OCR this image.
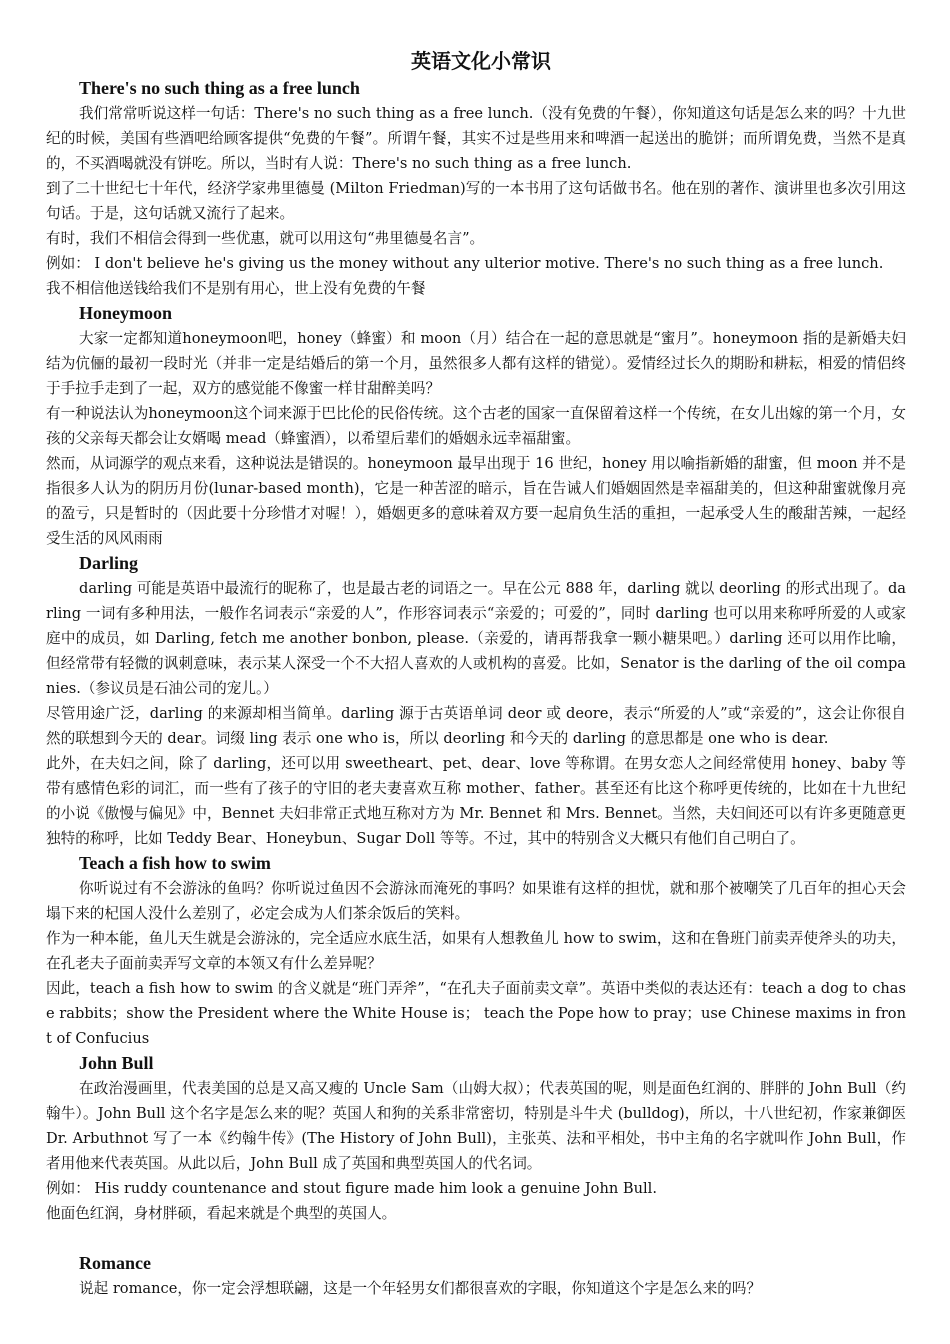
英语文化小常识
There's no such thing as a free lunch

我们常常听说这样一句话：There's no such thing as a free lunch.（没有免费的午餐），你知道这句话是怎么来的吗？十九世纪的时候，美国有些酒吧给顾客提供“免费的午餐”。所谓午餐，其实不过是些用来和啤酒一起送出的脆饼；而所谓免费，当然不是真的，不买酒喝就没有饼吃。所以，当时有人说：There's no such thing as a free lunch.

到了二十世纪七十年代，经济学家弗里德曼 (Milton Friedman)写的一本书用了这句话做书名。他在别的著作、演讲里也多次引用这句话。于是，这句话就又流行了起来。

有时，我们不相信会得到一些优惠，就可以用这句“弗里德曼名言”。

例如： I don't believe he's giving us the money without any ulterior motive. There's no such thing as a free lunch.

我不相信他送钱给我们不是别有用心，世上没有免费的午餐

Honeymoon

大家一定都知道honeymoon吧，honey（蜂蜜）和 moon（月）结合在一起的意思就是“蜜月”。honeymoon 指的是新婚夫妇结为伉俪的最初一段时光（并非一定是结婚后的第一个月，虽然很多人都有这样的错觉）。爱情经过长久的期盼和耕耘，相爱的情侣终于手拉手走到了一起，双方的感觉能不像蜜一样甘甜醉美吗？

有一种说法认为honeymoon这个词来源于巴比伦的民俗传统。这个古老的国家一直保留着这样一个传统，在女儿出嫁的第一个月，女孩的父亲每天都会让女婿喝 mead（蜂蜜酒），以希望后辈们的婚姻永远幸福甜蜜。

然而，从词源学的观点来看，这种说法是错误的。honeymoon 最早出现于 16 世纪，honey 用以喻指新婚的甜蜜，但 moon 并不是指很多人认为的阴历月份(lunar-based month)，它是一种苦涩的暗示，旨在告诫人们婚姻固然是幸福甜美的，但这种甜蜜就像月亮的盈亏，只是暂时的（因此要十分珍惜才对喔！），婚姻更多的意味着双方要一起肩负生活的重担，一起承受人生的酸甜苦辣，一起经受生活的风风雨雨

Darling

darling 可能是英语中最流行的昵称了，也是最古老的词语之一。早在公元 888 年，darling 就以 deorling 的形式出现了。darling 一词有多种用法，一般作名词表示“亲爱的人”，作形容词表示“亲爱的；可爱的”，同时 darling 也可以用来称呼所爱的人或家庭中的成员，如 Darling, fetch me another bonbon, please.（亲爱的，请再帮我拿一颗小糖果吧。）darling 还可以用作比喻，但经常带有轻微的讽刺意味，表示某人深受一个不大招人喜欢的人或机构的喜爱。比如，Senator is the darling of the oil companies.（参议员是石油公司的宠儿。）

尽管用途广泛，darling 的来源却相当简单。darling 源于古英语单词 deor 或 deore，表示“所爱的人”或“亲爱的”，这会让你很自然的联想到今天的 dear。词缀 ling 表示 one who is，所以 deorling 和今天的 darling 的意思都是 one who is dear.

此外，在夫妇之间，除了 darling，还可以用 sweetheart、pet、dear、love 等称谓。在男女恋人之间经常使用 honey、baby 等带有感情色彩的词汇，而一些有了孩子的守旧的老夫妻喜欢互称 mother、father。甚至还有比这个称呼更传统的，比如在十九世纪的小说《傲慢与偏见》中，Bennet 夫妇非常正式地互称对方为 Mr. Bennet 和 Mrs. Bennet。当然，夫妇间还可以有许多更随意更独特的称呼，比如 Teddy Bear、Honeybun、Sugar Doll 等等。不过，其中的特别含义大概只有他们自己明白了。

Teach a fish how to swim

你听说过有不会游泳的鱼吗？你听说过鱼因不会游泳而淹死的事吗？如果谁有这样的担忧，就和那个被嘲笑了几百年的担心天会塌下来的杞国人没什么差别了，必定会成为人们茶余饭后的笑料。

作为一种本能，鱼儿天生就是会游泳的，完全适应水底生活，如果有人想教鱼儿 how to swim，这和在鲁班门前卖弄使斧头的功夫，在孔老夫子面前卖弄写文章的本领又有什么差异呢？

因此，teach a fish how to swim 的含义就是“班门弄斧”，“在孔夫子面前卖文章”。英语中类似的表达还有：teach a dog to chase rabbits；show the President where the White House is； teach the Pope how to pray；use Chinese maxims in front of Confucius

John Bull

在政治漫画里，代表美国的总是又高又瘦的 Uncle Sam（山姆大叔）；代表英国的呢，则是面色红润的、胖胖的 John Bull（约翰牛）。John Bull 这个名字是怎么来的呢？英国人和狗的关系非常密切，特别是斗牛犬 (bulldog)，所以，十八世纪初，作家兼御医 Dr. Arbuthnot 写了一本《约翰牛传》(The History of John Bull)，主张英、法和平相处，书中主角的名字就叫作 John Bull，作者用他来代表英国。从此以后，John Bull 成了英国和典型英国人的代名词。

例如： His ruddy countenance and stout figure made him look a genuine John Bull.

他面色红润，身材胖硕，看起来就是个典型的英国人。

Romance

说起 romance，你一定会浮想联翩，这是一个年轻男女们都很喜欢的字眼，你知道这个字是怎么来的吗？
